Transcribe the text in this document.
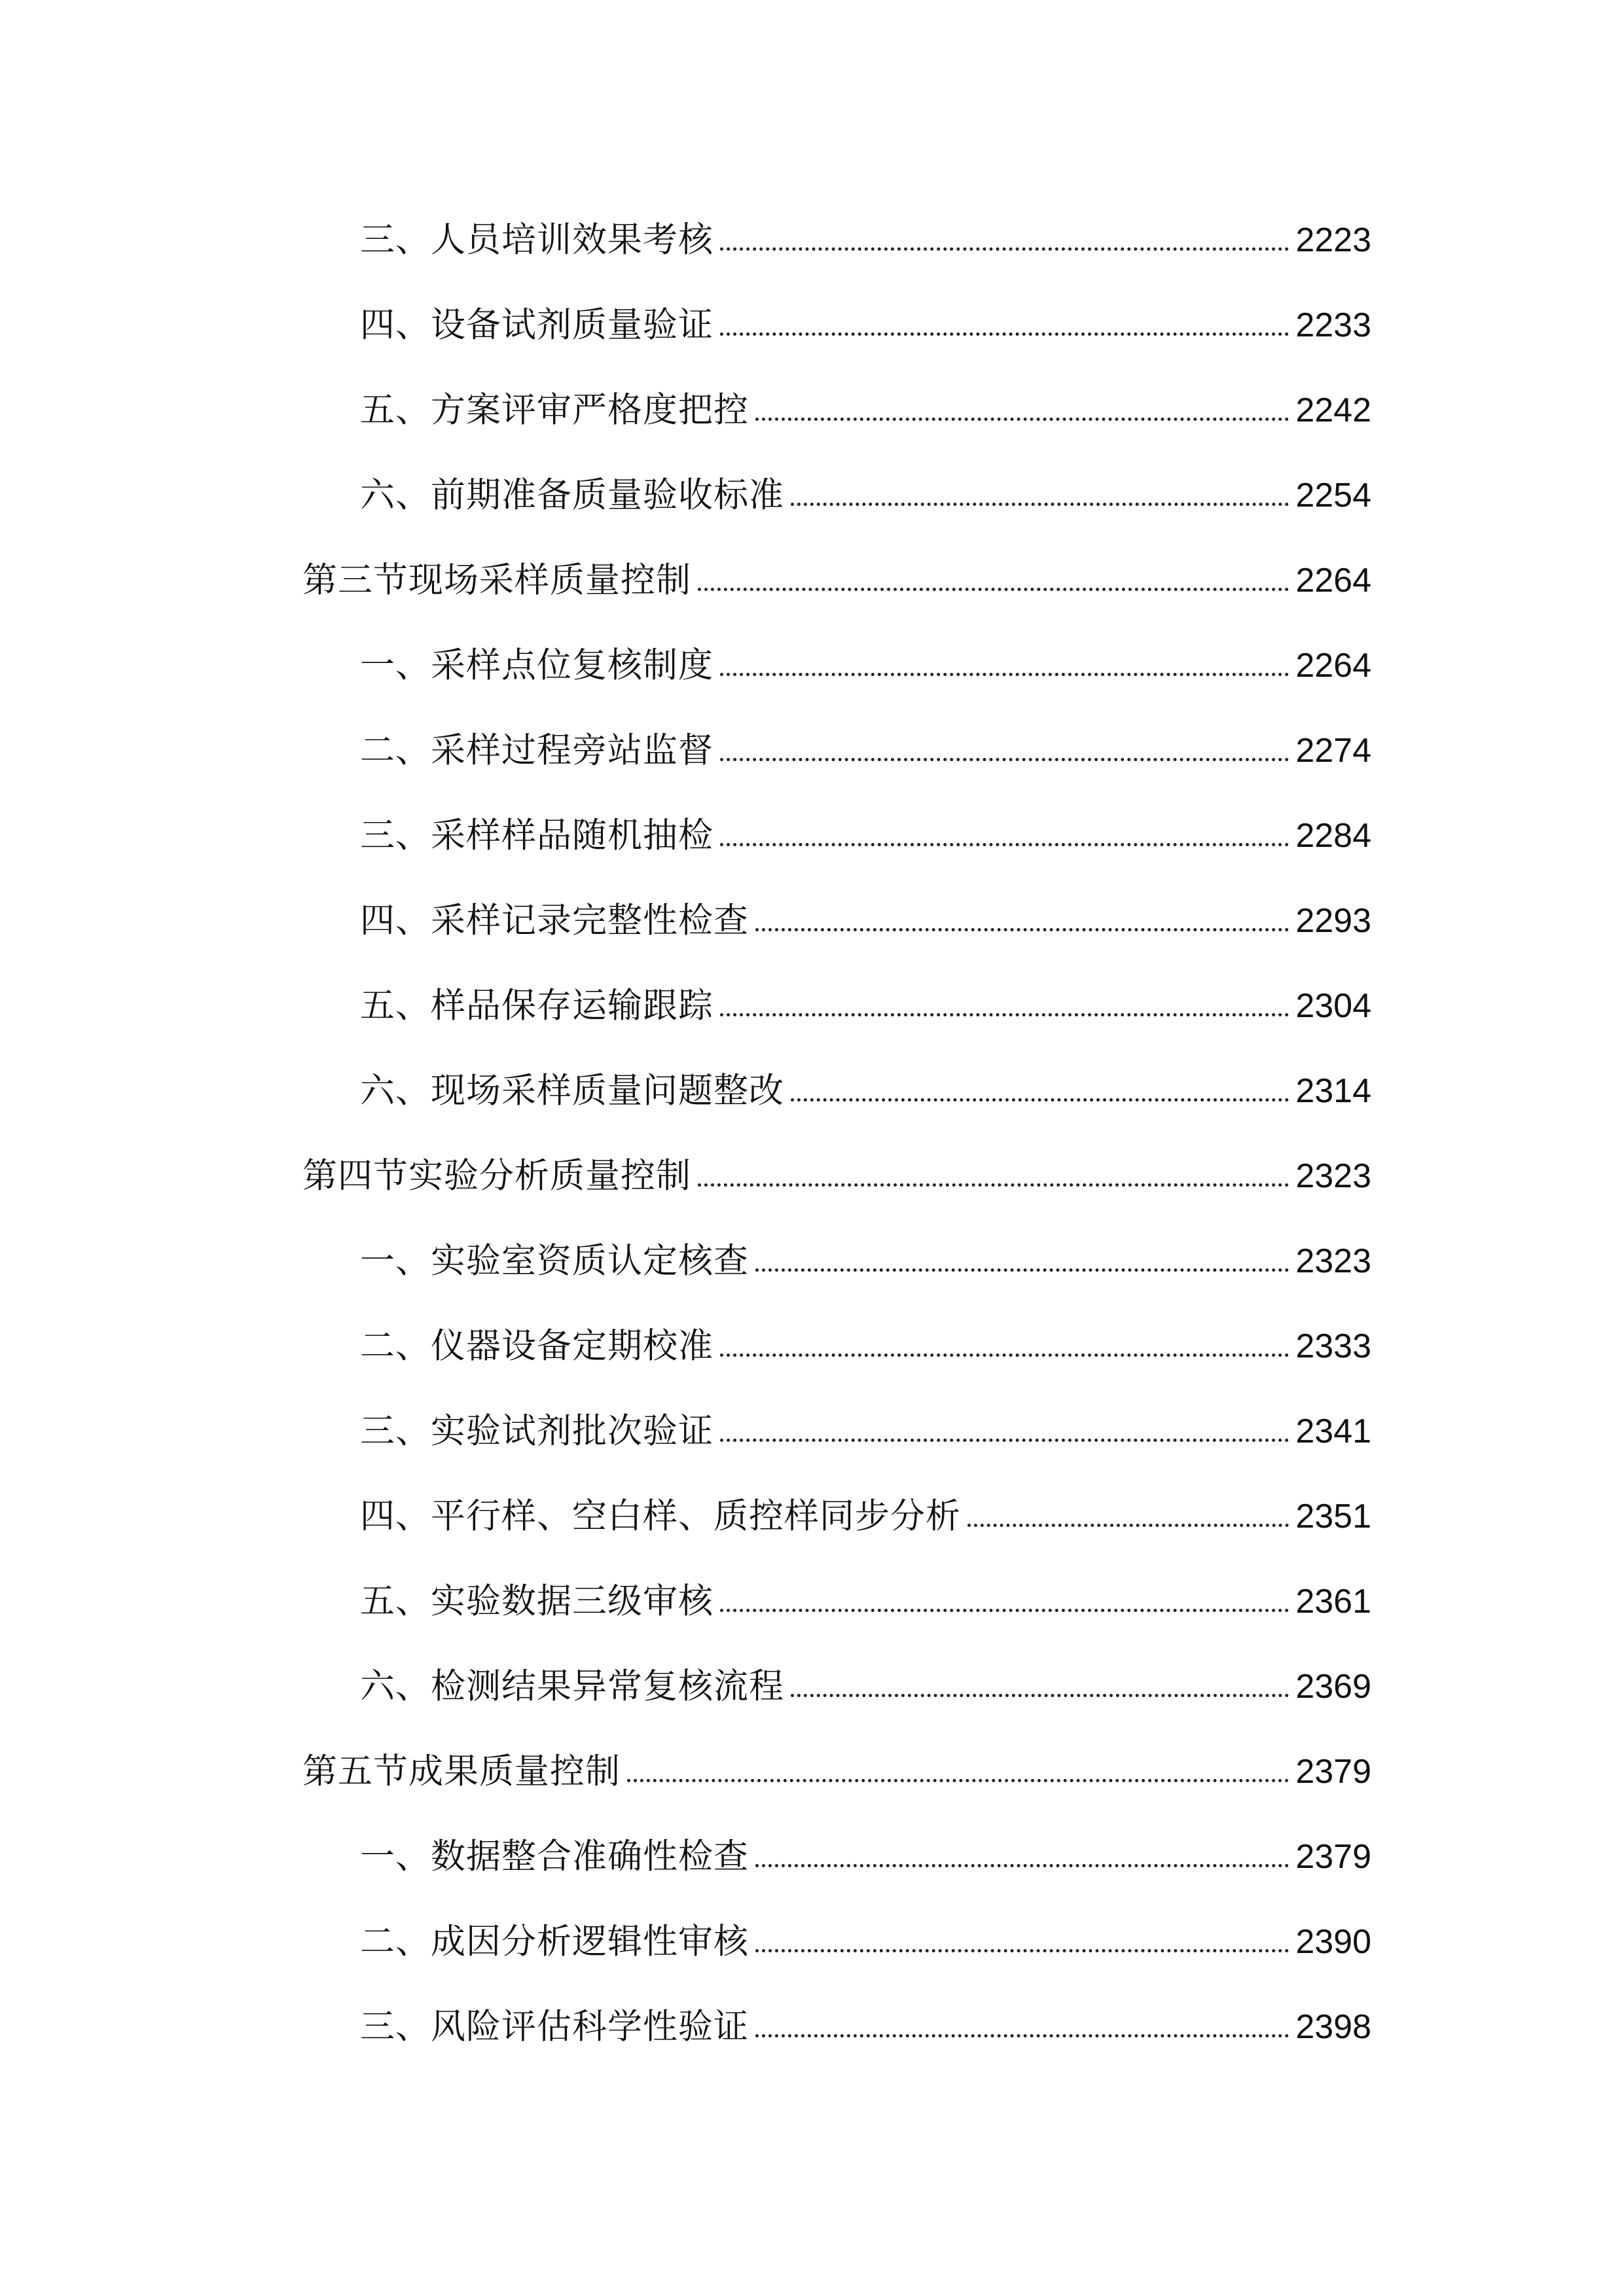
三、人员培训效果考核	2223
四、设备试剂质量验证	2233
五、方案评审严格度把控	2242
六、前期准备质量验收标准	2254
第三节现场采样质量控制	2264
一、采样点位复核制度	2264
二、采样过程旁站监督	2274
三、采样样品随机抽检	2284
四、采样记录完整性检查	2293
五、样品保存运输跟踪	2304
六、现场采样质量问题整改	2314
第四节实验分析质量控制	2323
一、实验室资质认定核查	2323
二、仪器设备定期校准	2333
三、实验试剂批次验证	2341
四、平行样、空白样、质控样同步分析	2351
五、实验数据三级审核	2361
六、检测结果异常复核流程	2369
第五节成果质量控制	2379
一、数据整合准确性检查	2379
二、成因分析逻辑性审核	2390
三、风险评估科学性验证	2398
